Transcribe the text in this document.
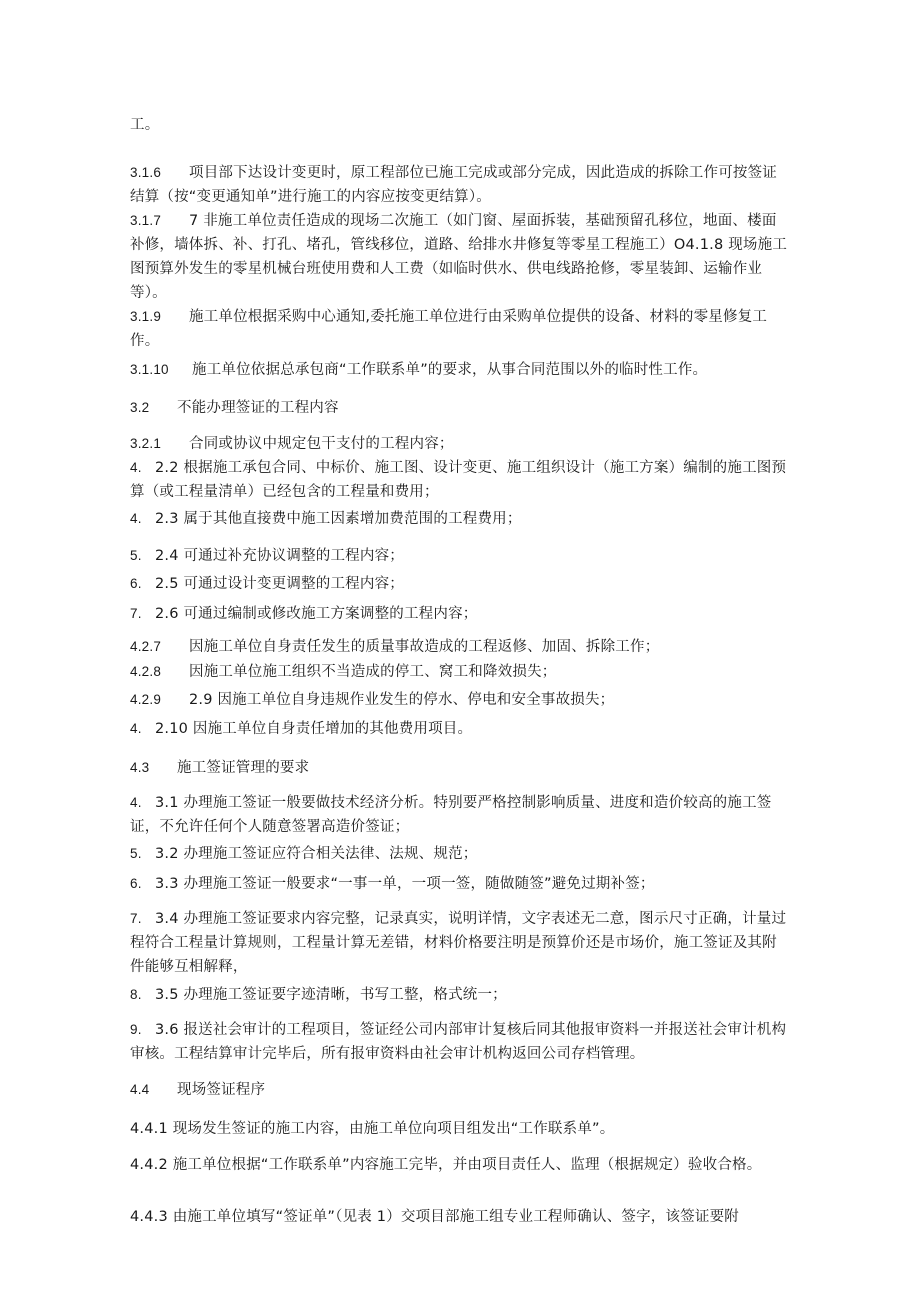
工。

3.1.6 项目部下达设计变更时，原工程部位已施工完成或部分完成，因此造成的拆除工作可按签证结算（按“变更通知单”进行施工的内容应按变更结算）。

3.1.7 7 非施工单位责任造成的现场二次施工（如门窗、屋面拆装，基础预留孔移位，地面、楼面补修，墙体拆、补、打孔、堵孔，管线移位，道路、给排水井修复等零星工程施工）O4.1.8 现场施工图预算外发生的零星机械台班使用费和人工费（如临时供水、供电线路抢修，零星装卸、运输作业等）。

3.1.9 施工单位根据采购中心通知,委托施工单位进行由采购单位提供的设备、材料的零星修复工作。

3.1.10 施工单位依据总承包商“工作联系单”的要求，从事合同范围以外的临时性工作。

3.2 不能办理签证的工程内容

3.2.1 合同或协议中规定包干支付的工程内容；

4. 2.2 根据施工承包合同、中标价、施工图、设计变更、施工组织设计（施工方案）编制的施工图预算（或工程量清单）已经包含的工程量和费用；

4. 2.3 属于其他直接费中施工因素增加费范围的工程费用；

5. 2.4 可通过补充协议调整的工程内容；

6. 2.5 可通过设计变更调整的工程内容；

7. 2.6 可通过编制或修改施工方案调整的工程内容；

4.2.7 因施工单位自身责任发生的质量事故造成的工程返修、加固、拆除工作；

4.2.8 因施工单位施工组织不当造成的停工、窝工和降效损失；

4.2.9 2.9 因施工单位自身违规作业发生的停水、停电和安全事故损失；

4. 2.10 因施工单位自身责任增加的其他费用项目。

4.3 施工签证管理的要求

4. 3.1 办理施工签证一般要做技术经济分析。特别要严格控制影响质量、进度和造价较高的施工签证，不允许任何个人随意签署高造价签证；

5. 3.2 办理施工签证应符合相关法律、法规、规范；

6. 3.3 办理施工签证一般要求“一事一单，一项一签，随做随签”避免过期补签；

7. 3.4 办理施工签证要求内容完整，记录真实，说明详情，文字表述无二意，图示尺寸正确，计量过程符合工程量计算规则，工程量计算无差错，材料价格要注明是预算价还是市场价，施工签证及其附件能够互相解释，

8. 3.5 办理施工签证要字迹清晰，书写工整，格式统一；

9. 3.6 报送社会审计的工程项目，签证经公司内部审计复核后同其他报审资料一并报送社会审计机构审核。工程结算审计完毕后，所有报审资料由社会审计机构返回公司存档管理。

4.4 现场签证程序

4.4.1 现场发生签证的施工内容，由施工单位向项目组发出“工作联系单”。

4.4.2 施工单位根据“工作联系单”内容施工完毕，并由项目责任人、监理（根据规定）验收合格。

4.4.3 由施工单位填写“签证单”（见表 1）交项目部施工组专业工程师确认、签字，该签证要附
